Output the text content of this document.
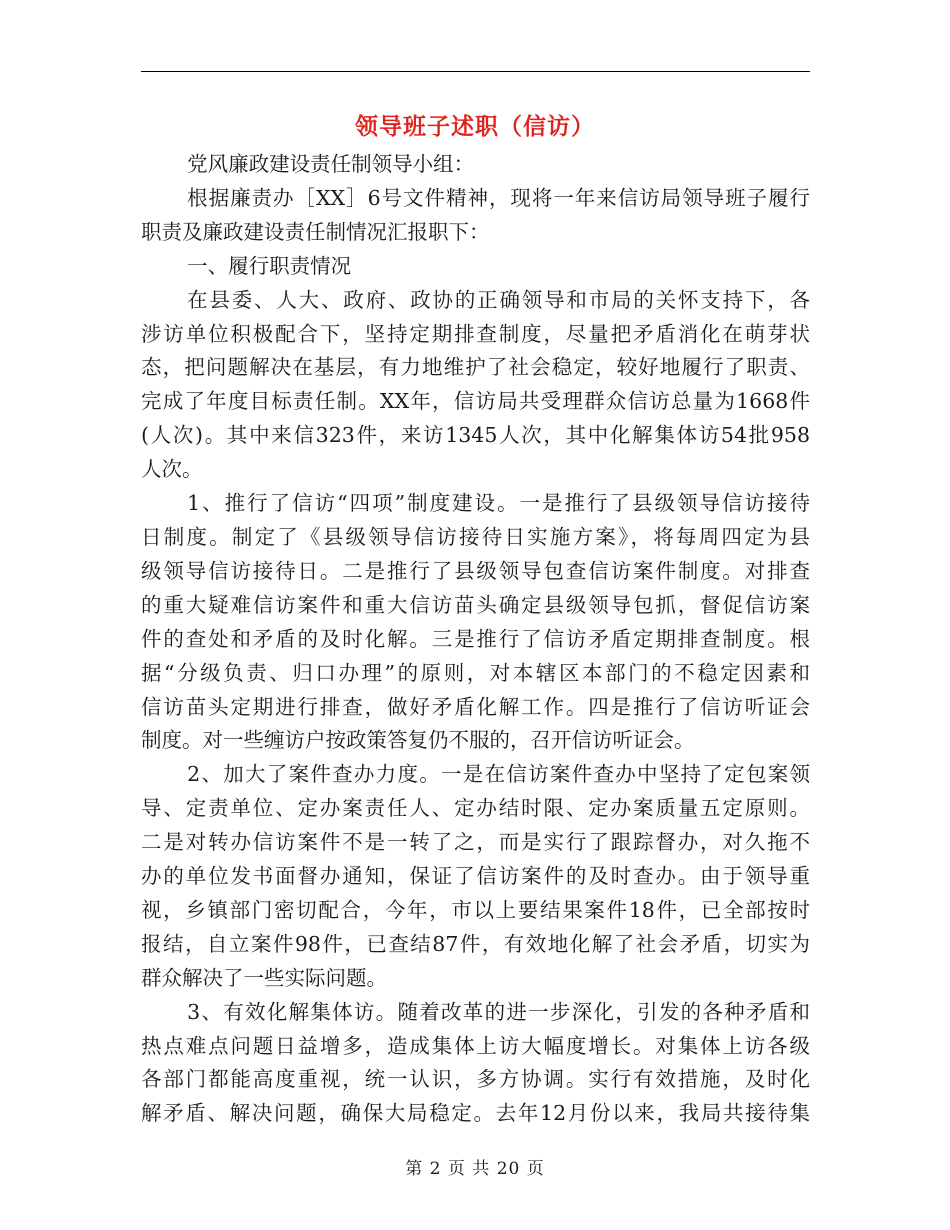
领导班子述职（信访）
党风廉政建设责任制领导小组：
根据廉责办［XX］6号文件精神，现将一年来信访局领导班子履行
职责及廉政建设责任制情况汇报职下：
一、履行职责情况
在县委、人大、政府、政协的正确领导和市局的关怀支持下，各
涉访单位积极配合下，坚持定期排查制度，尽量把矛盾消化在萌芽状
态，把问题解决在基层，有力地维护了社会稳定，较好地履行了职责、
完成了年度目标责任制。XX年，信访局共受理群众信访总量为1668件
(人次)。其中来信323件，来访1345人次，其中化解集体访54批958
人次。
1、推行了信访“四项”制度建设。一是推行了县级领导信访接待
日制度。制定了《县级领导信访接待日实施方案》，将每周四定为县
级领导信访接待日。二是推行了县级领导包查信访案件制度。对排查
的重大疑难信访案件和重大信访苗头确定县级领导包抓，督促信访案
件的查处和矛盾的及时化解。三是推行了信访矛盾定期排查制度。根
据“分级负责、归口办理”的原则，对本辖区本部门的不稳定因素和
信访苗头定期进行排查，做好矛盾化解工作。四是推行了信访听证会
制度。对一些缠访户按政策答复仍不服的，召开信访听证会。
2、加大了案件查办力度。一是在信访案件查办中坚持了定包案领
导、定责单位、定办案责任人、定办结时限、定办案质量五定原则。
二是对转办信访案件不是一转了之，而是实行了跟踪督办，对久拖不
办的单位发书面督办通知，保证了信访案件的及时查办。由于领导重
视，乡镇部门密切配合，今年，市以上要结果案件18件，已全部按时
报结，自立案件98件，已查结87件，有效地化解了社会矛盾，切实为
群众解决了一些实际问题。
3、有效化解集体访。随着改革的进一步深化，引发的各种矛盾和
热点难点问题日益增多，造成集体上访大幅度增长。对集体上访各级
各部门都能高度重视，统一认识，多方协调。实行有效措施，及时化
解矛盾、解决问题，确保大局稳定。去年12月份以来，我局共接待集
第 2 页 共 20 页
